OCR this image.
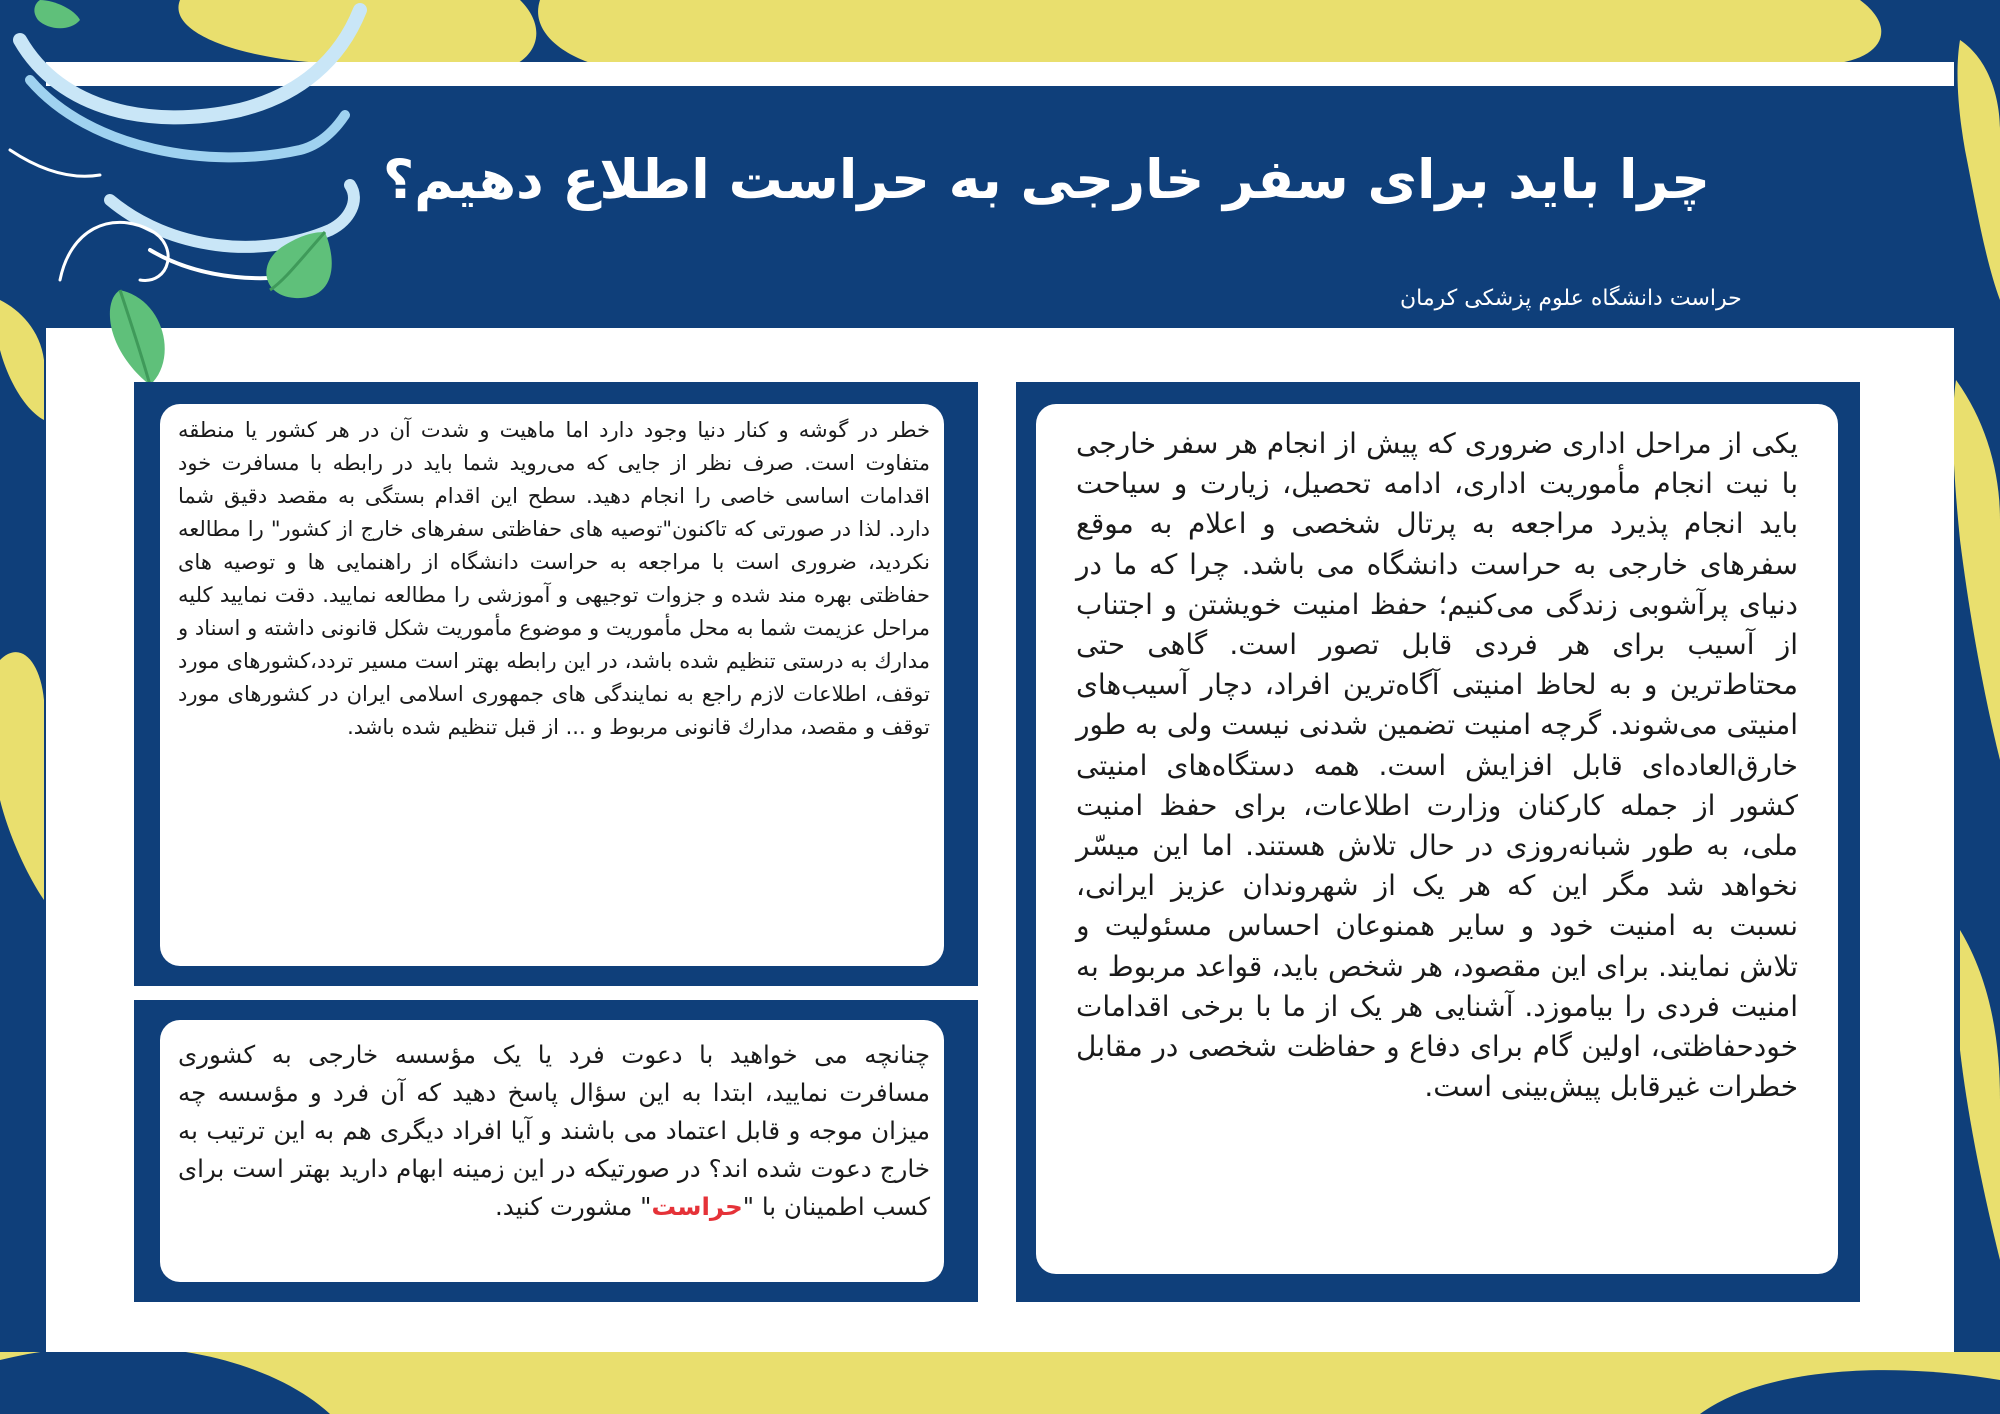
چرا باید برای سفر خارجی به حراست اطلاع دهیم؟
حراست دانشگاه علوم پزشکی کرمان

یکی از مراحل اداری ضروری که پیش از انجام هر سفر خارجی با نیت انجام مأموریت اداری، ادامه تحصیل، زیارت و سیاحت باید انجام پذیرد مراجعه به پرتال شخصی و اعلام به موقع سفرهای خارجی به حراست دانشگاه می باشد. چرا که ما در دنیای پرآشوبی زندگی می‌کنیم؛ حفظ امنیت خویشتن و اجتناب از آسیب برای هر فردی قابل تصور است. گاهی حتی محتاط‌ترین و به لحاظ امنیتی آگاه‌ترین افراد، دچار آسیب‌های امنیتی می‌شوند. گرچه امنیت تضمین شدنی نیست ولی به طور خارق‌العاده‌ای قابل افزایش است. همه دستگاه‌های امنیتی کشور از جمله کارکنان وزارت اطلاعات، برای حفظ امنیت ملی، به طور شبانه‌روزی در حال تلاش هستند. اما این میسّر نخواهد شد مگر این که هر یک از شهروندان عزیز ایرانی، نسبت به امنیت خود و سایر همنوعان احساس مسئولیت و تلاش نمایند. برای این مقصود، هر شخص باید، قواعد مربوط به امنیت فردی را بیاموزد. آشنایی هر یک از ما با برخی اقدامات خودحفاظتی، اولین گام برای دفاع و حفاظت شخصی در مقابل خطرات غیرقابل پیش‌بینی است.

خطر در گوشه و کنار دنیا وجود دارد اما ماهیت و شدت آن در هر کشور یا منطقه متفاوت است. صرف نظر از جایی که می‌روید شما باید در رابطه با مسافرت خود اقدامات اساسی خاصی را انجام دهید. سطح این اقدام بستگی به مقصد دقیق شما دارد. لذا در صورتی که تاکنون"توصیه های حفاظتی سفرهای خارج از کشور" را مطالعه نکردید، ضروری است با مراجعه به حراست دانشگاه از راهنمایی ها و توصیه های حفاظتی بهره مند شده و جزوات توجیهی و آموزشی را مطالعه نمایید. دقت نمایید کلیه مراحل عزیمت شما به محل مأموریت و موضوع مأموریت شکل قانونی داشته و اسناد و مدارك به درستی تنظیم شده باشد، در این رابطه بهتر است مسیر تردد،کشورهای مورد توقف، اطلاعات لازم راجع به نمایندگی های جمهوری اسلامی ایران در کشورهای مورد توقف و مقصد، مدارك قانونی مربوط و ... از قبل تنظیم شده باشد.

چنانچه می خواهید با دعوت فرد یا یک مؤسسه خارجی به کشوری مسافرت نمایید، ابتدا به این سؤال پاسخ دهید که آن فرد و مؤسسه چه میزان موجه و قابل اعتماد می باشند و آیا افراد دیگری هم به این ترتیب به خارج دعوت شده اند؟ در صورتیکه در این زمینه ابهام دارید بهتر است برای کسب اطمینان با "حراست" مشورت کنید.
